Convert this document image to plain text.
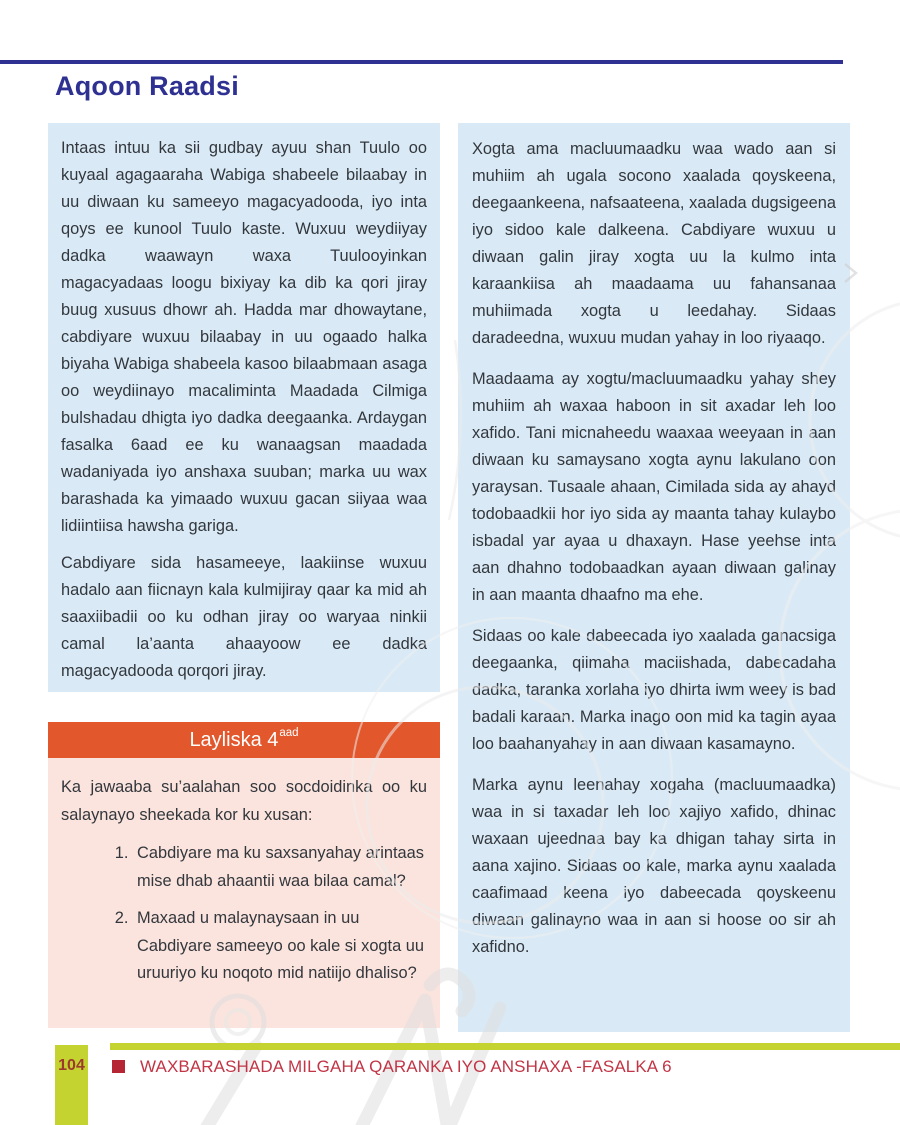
Aqoon Raadsi

Intaas intuu ka sii gudbay ayuu shan Tuulo oo kuyaal agagaaraha Wabiga shabeele bilaabay in uu diwaan ku sameeyo magacyadooda, iyo inta qoys ee kunool Tuulo kaste. Wuxuu weydiiyay dadka waawayn waxa Tuulooyinkan magacyadaas loogu bixiyay ka dib ka qori jiray buug xusuus dhowr ah. Hadda mar dhowaytane, cabdiyare wuxuu bilaabay in uu ogaado halka biyaha Wabiga shabeela kasoo bilaabmaan asaga oo weydiinayo macaliminta Maadada Cilmiga bulshadau dhigta iyo dadka deegaanka. Ardaygan fasalka 6aad ee ku wanaagsan maadada wadaniyada iyo anshaxa suuban; marka uu wax barashada ka yimaado wuxuu gacan siiyaa waa lidiintiisa hawsha gariga.

Cabdiyare sida hasameeye, laakiinse wuxuu hadalo aan fiicnayn kala kulmijiray qaar ka mid ah saaxiibadii oo ku odhan jiray oo waryaa ninkii camal la’aanta ahaayoow ee dadka magacyadooda qorqori jiray.

Layliska $4^{aad}$

Ka jawaaba su’aalahan soo socdoidinka oo ku salaynayo sheekada kor ku xusan:

1. Cabdiyare ma ku saxsanyahay arintaas mise dhab ahaantii waa bilaa camal?
2. Maxaad u malaynaysaan in uu Cabdiyare sameeyo oo kale si xogta uu uruuriyo ku noqoto mid natiijo dhaliso?

Xogta ama macluumaadku waa wado aan si muhiim ah ugala socono xaalada qoyskeena, deegaankeena, nafsaateena, xaalada dugsigeena iyo sidoo kale dalkeena. Cabdiyare wuxuu u diwaan galin jiray xogta uu la kulmo inta karaankiisa ah maadaama uu fahansanaa muhiimada xogta u leedahay. Sidaas daradeedna, wuxuu mudan yahay in loo riyaaqo.

Maadaama ay xogtu/macluumaadku yahay shey muhiim ah waxaa haboon in sit axadar leh loo xafido. Tani micnaheedu waaxaa weeyaan in aan diwaan ku samaysano xogta aynu lakulano oon yaraysan. Tusaale ahaan, Cimilada sida ay ahayd todobaadkii hor iyo sida ay maanta tahay kulaybo isbadal yar ayaa u dhaxayn. Hase yeehse inta aan dhahno todobaadkan ayaan diwaan galinay in aan maanta dhaafno ma ehe.

Sidaas oo kale dabeecada iyo xaalada ganacsiga deegaanka, qiimaha maciishada, dabecadaha dadka, taranka xorlaha iyo dhirta iwm weey is bad badali karaan. Marka inago oon mid ka tagin ayaa loo baahanyahay in aan diwaan kasamayno.

Marka aynu leenahay xogaha (macluumaadka) waa in si taxadar leh loo xajiyo xafido, dhinac waxaan ujeednaa bay ka dhigan tahay sirta in aana xajino. Sidaas oo kale, marka aynu xaalada caafimaad keena iyo dabeecada qoyskeenu diwaan galinayno waa in aan si hoose oo sir ah xafidno.

104	WAXBARASHADA MILGAHA QARANKA IYO ANSHAXA -FASALKA 6
